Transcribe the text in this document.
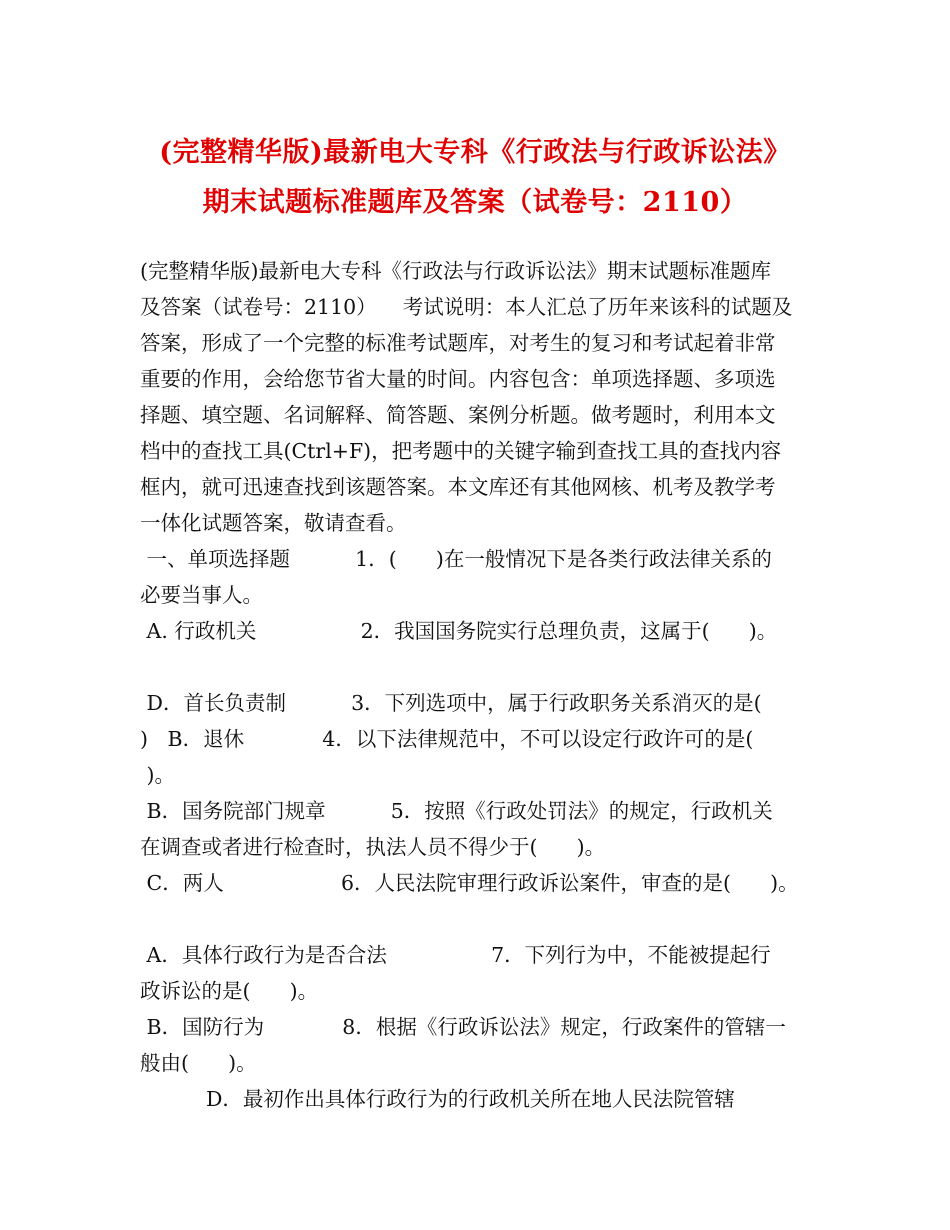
(完整精华版)最新电大专科《行政法与行政诉讼法》
期末试题标准题库及答案（试卷号：2110）
(完整精华版)最新电大专科《行政法与行政诉讼法》期末试题标准题库
及答案（试卷号：2110）    考试说明：本人汇总了历年来该科的试题及
答案，形成了一个完整的标准考试题库，对考生的复习和考试起着非常
重要的作用，会给您节省大量的时间。内容包含：单项选择题、多项选
择题、填空题、名词解释、简答题、案例分析题。做考题时，利用本文
档中的查找工具(Ctrl+F)，把考题中的关键字输到查找工具的查找内容
框内，就可迅速查找到该题答案。本文库还有其他网核、机考及教学考
一体化试题答案，敬请查看。
一、单项选择题          1．(      )在一般情况下是各类行政法律关系的
必要当事人。
A. 行政机关                2．我国国务院实行总理负责，这属于(      )。
D．首长负责制          3．下列选项中，属于行政职务关系消灭的是(
)   B．退休            4．以下法律规范中，不可以设定行政许可的是(
)。
B．国务院部门规章          5．按照《行政处罚法》的规定，行政机关
在调查或者进行检查时，执法人员不得少于(      )。
C．两人                  6．人民法院审理行政诉讼案件，审查的是(      )。
A．具体行政行为是否合法                7．下列行为中，不能被提起行
政诉讼的是(      )。
B．国防行为            8．根据《行政诉讼法》规定，行政案件的管辖一
般由(      )。
D．最初作出具体行政行为的行政机关所在地人民法院管辖
